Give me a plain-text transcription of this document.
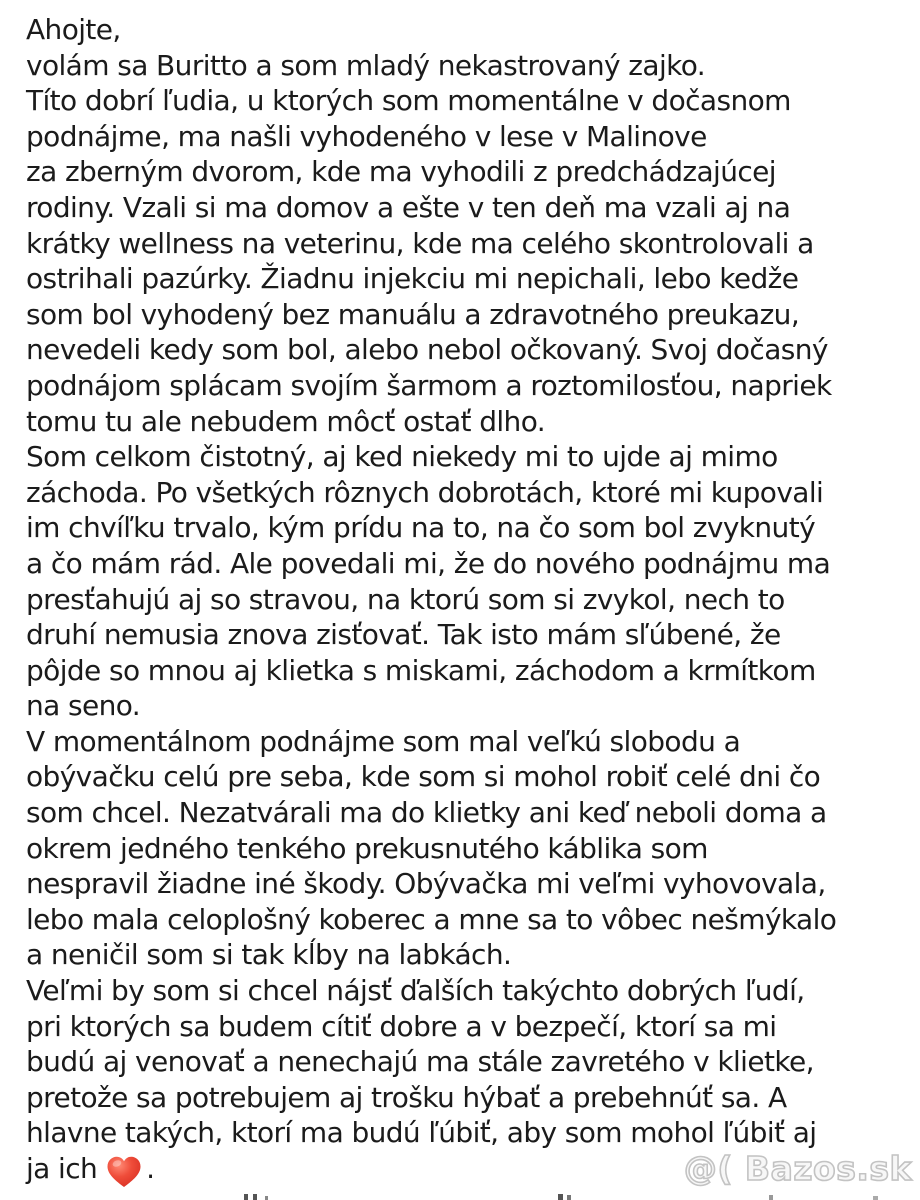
Ahojte,
volám sa Buritto a som mladý nekastrovaný zajko.
Títo dobrí ľudia, u ktorých som momentálne v dočasnom
podnájme, ma našli vyhodeného v lese v Malinove
za zberným dvorom, kde ma vyhodili z predchádzajúcej
rodiny. Vzali si ma domov a ešte v ten deň ma vzali aj na
krátky wellness na veterinu, kde ma celého skontrolovali a
ostrihali pazúrky. Žiadnu injekciu mi nepichali, lebo kedže
som bol vyhodený bez manuálu a zdravotného preukazu,
nevedeli kedy som bol, alebo nebol očkovaný. Svoj dočasný
podnájom splácam svojím šarmom a roztomilosťou, napriek
tomu tu ale nebudem môcť ostať dlho.
Som celkom čistotný, aj ked niekedy mi to ujde aj mimo
záchoda. Po všetkých rôznych dobrotách, ktoré mi kupovali
im chvíľku trvalo, kým prídu na to, na čo som bol zvyknutý
a čo mám rád. Ale povedali mi, že do nového podnájmu ma
presťahujú aj so stravou, na ktorú som si zvykol, nech to
druhí nemusia znova zisťovať. Tak isto mám sľúbené, že
pôjde so mnou aj klietka s miskami, záchodom a krmítkom
na seno.
V momentálnom podnájme som mal veľkú slobodu a
obývačku celú pre seba, kde som si mohol robiť celé dni čo
som chcel. Nezatvárali ma do klietky ani keď neboli doma a
okrem jedného tenkého prekusnutého káblika som
nespravil žiadne iné škody. Obývačka mi veľmi vyhovovala,
lebo mala celoplošný koberec a mne sa to vôbec nešmýkalo
a neničil som si tak kĺby na labkách.
Veľmi by som si chcel nájsť ďalších takýchto dobrých ľudí,
pri ktorých sa budem cítiť dobre a v bezpečí, ktorí sa mi
budú aj venovať a nenechajú ma stále zavretého v klietke,
pretože sa potrebujem aj trošku hýbať a prebehnúť sa. A
hlavne takých, ktorí ma budú ľúbiť, aby som mohol ľúbiť aj
ja ich .	@( Bazos.sk
